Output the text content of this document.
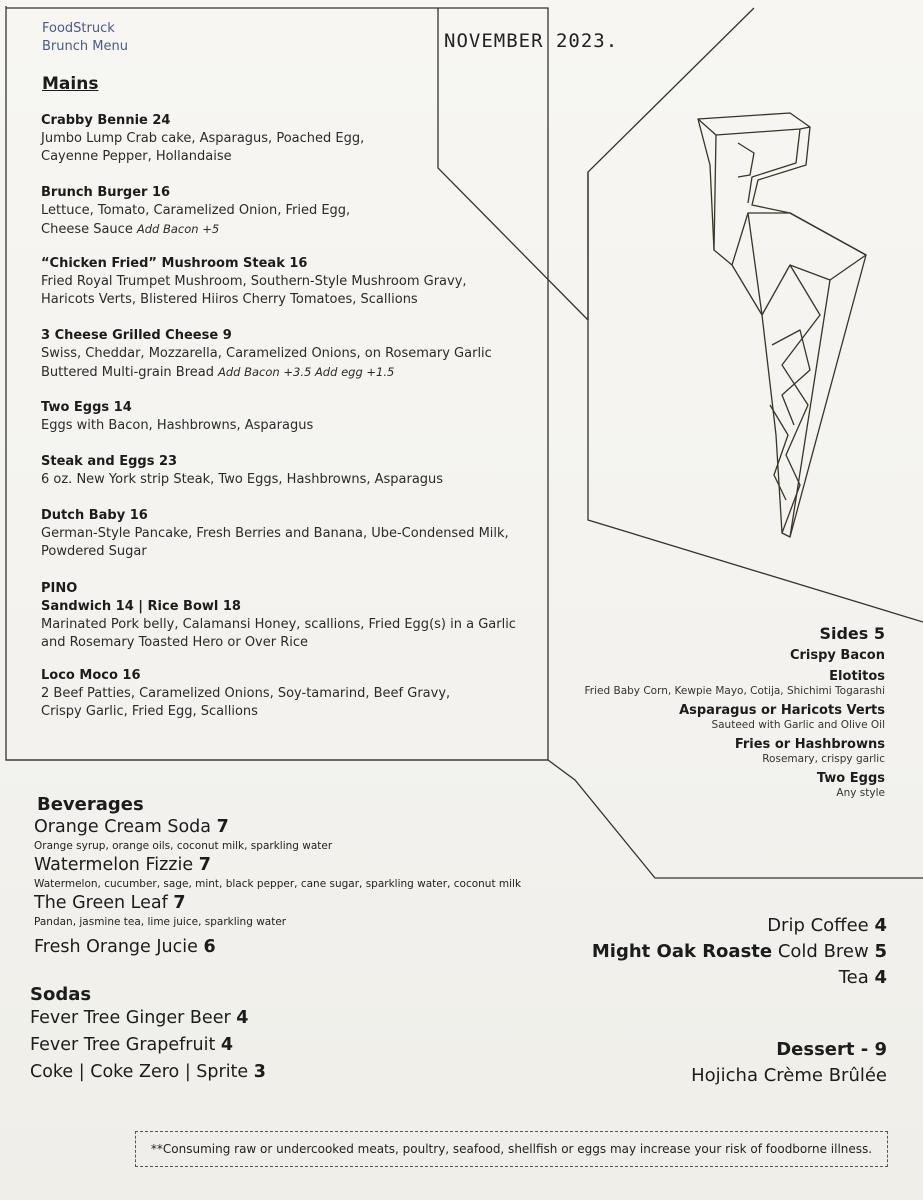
FoodStruck
Brunch Menu	NOVEMBER 2023.
Mains
Crabby Bennie 24
Jumbo Lump Crab cake, Asparagus, Poached Egg,
Cayenne Pepper, Hollandaise
Brunch Burger 16
Lettuce, Tomato, Caramelized Onion, Fried Egg,
Cheese Sauce Add Bacon +5
“Chicken Fried” Mushroom Steak 16
Fried Royal Trumpet Mushroom, Southern-Style Mushroom Gravy,
Haricots Verts, Blistered Hiiros Cherry Tomatoes, Scallions
3 Cheese Grilled Cheese 9
Swiss, Cheddar, Mozzarella, Caramelized Onions, on Rosemary Garlic
Buttered Multi-grain Bread Add Bacon +3.5 Add egg +1.5
Two Eggs 14
Eggs with Bacon, Hashbrowns, Asparagus
Steak and Eggs 23
6 oz. New York strip Steak, Two Eggs, Hashbrowns, Asparagus
Dutch Baby 16
German-Style Pancake, Fresh Berries and Banana, Ube-Condensed Milk,
Powdered Sugar
PINO
Sandwich 14 | Rice Bowl 18
Marinated Pork belly, Calamansi Honey, scallions, Fried Egg(s) in a Garlic
and Rosemary Toasted Hero or Over Rice
Loco Moco 16
2 Beef Patties, Caramelized Onions, Soy-tamarind, Beef Gravy,
Crispy Garlic, Fried Egg, Scallions
Sides 5
Crispy Bacon
Elotitos
Fried Baby Corn, Kewpie Mayo, Cotija, Shichimi Togarashi
Asparagus or Haricots Verts
Sauteed with Garlic and Olive Oil
Fries or Hashbrowns
Rosemary, crispy garlic
Two Eggs
Any style
Beverages
Orange Cream Soda 7
Orange syrup, orange oils, coconut milk, sparkling water
Watermelon Fizzie 7
Watermelon, cucumber, sage, mint, black pepper, cane sugar, sparkling water, coconut milk
The Green Leaf 7
Pandan, jasmine tea, lime juice, sparkling water
Fresh Orange Jucie 6
Sodas
Fever Tree Ginger Beer 4
Fever Tree Grapefruit 4
Coke | Coke Zero | Sprite 3
Drip Coffee 4
Might Oak Roaste Cold Brew 5
Tea 4
Dessert - 9
Hojicha Crème Brûlée
**Consuming raw or undercooked meats, poultry, seafood, shellfish or eggs may increase your risk of foodborne illness.
